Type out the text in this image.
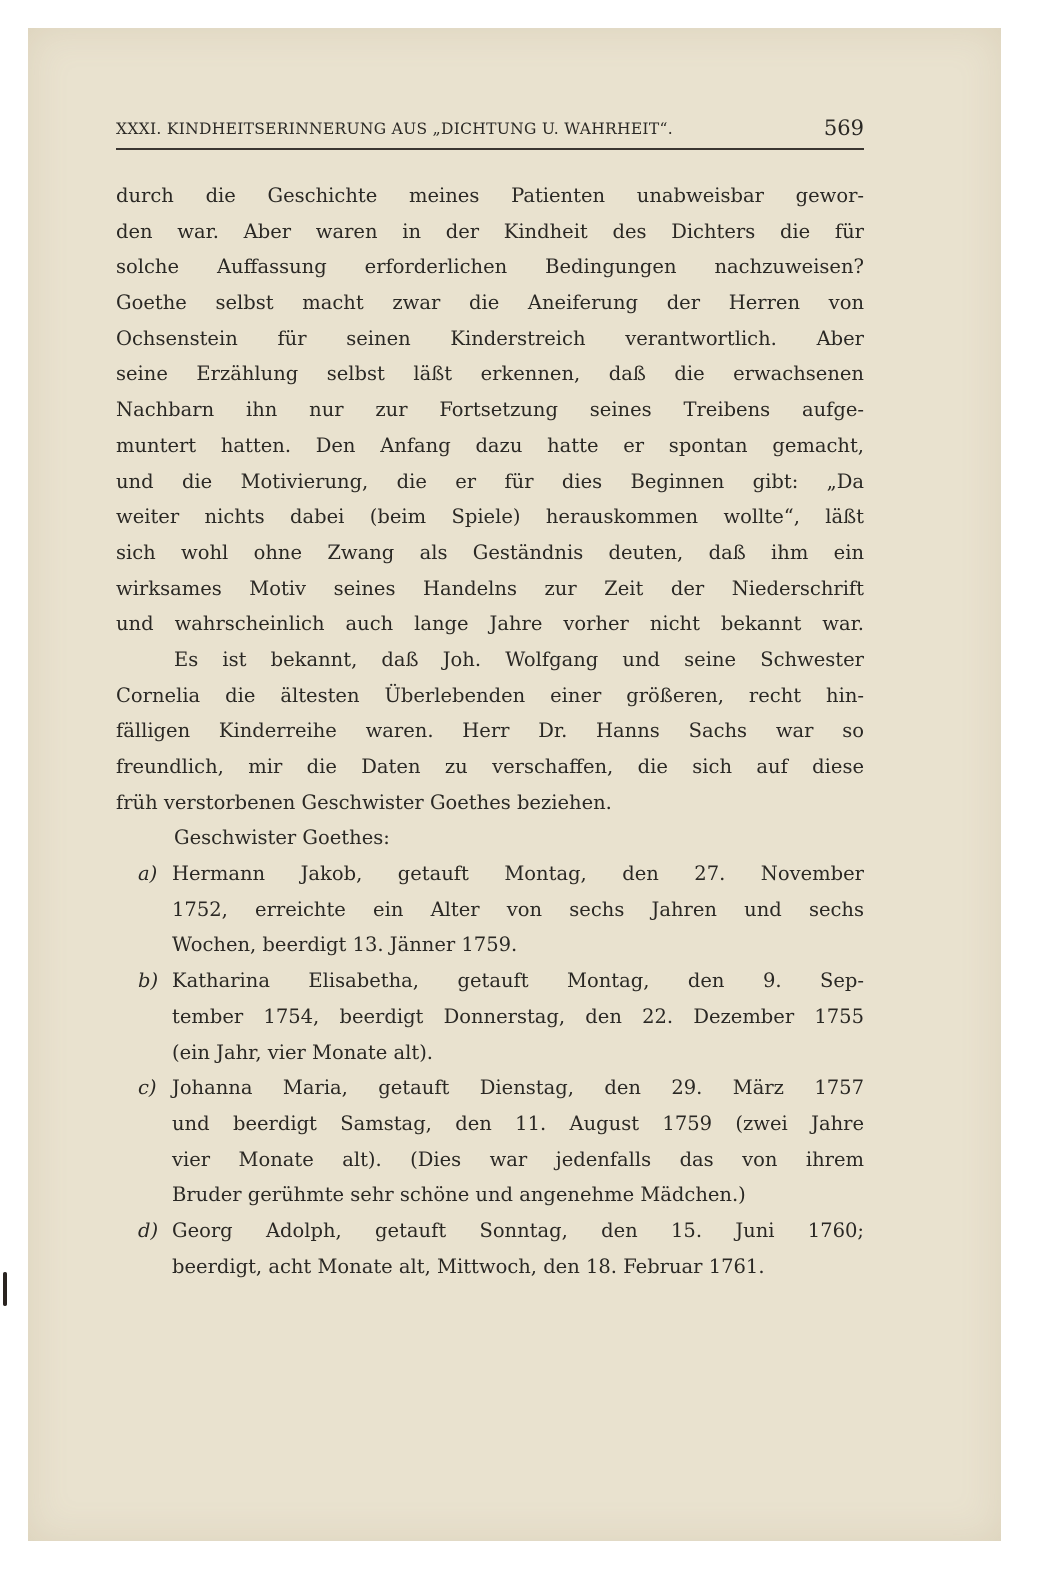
XXXI. KINDHEITSERINNERUNG AUS „DICHTUNG U. WAHRHEIT“.	569
durch die Geschichte meines Patienten unabweisbar gewor-
den war. Aber waren in der Kindheit des Dichters die für
solche Auffassung erforderlichen Bedingungen nachzuweisen?
Goethe selbst macht zwar die Aneiferung der Herren von
Ochsenstein für seinen Kinderstreich verantwortlich. Aber
seine Erzählung selbst läßt erkennen, daß die erwachsenen
Nachbarn ihn nur zur Fortsetzung seines Treibens aufge-
muntert hatten. Den Anfang dazu hatte er spontan gemacht,
und die Motivierung, die er für dies Beginnen gibt: „Da
weiter nichts dabei (beim Spiele) herauskommen wollte“, läßt
sich wohl ohne Zwang als Geständnis deuten, daß ihm ein
wirksames Motiv seines Handelns zur Zeit der Niederschrift
und wahrscheinlich auch lange Jahre vorher nicht bekannt war.
Es ist bekannt, daß Joh. Wolfgang und seine Schwester
Cornelia die ältesten Überlebenden einer größeren, recht hin-
fälligen Kinderreihe waren. Herr Dr. Hanns Sachs war so
freundlich, mir die Daten zu verschaffen, die sich auf diese
früh verstorbenen Geschwister Goethes beziehen.
Geschwister Goethes:
a) Hermann Jakob, getauft Montag, den 27. November
1752, erreichte ein Alter von sechs Jahren und sechs
Wochen, beerdigt 13. Jänner 1759.
b) Katharina Elisabetha, getauft Montag, den 9. Sep-
tember 1754, beerdigt Donnerstag, den 22. Dezember 1755
(ein Jahr, vier Monate alt).
c) Johanna Maria, getauft Dienstag, den 29. März 1757
und beerdigt Samstag, den 11. August 1759 (zwei Jahre
vier Monate alt). (Dies war jedenfalls das von ihrem
Bruder gerühmte sehr schöne und angenehme Mädchen.)
d) Georg Adolph, getauft Sonntag, den 15. Juni 1760;
beerdigt, acht Monate alt, Mittwoch, den 18. Februar 1761.
